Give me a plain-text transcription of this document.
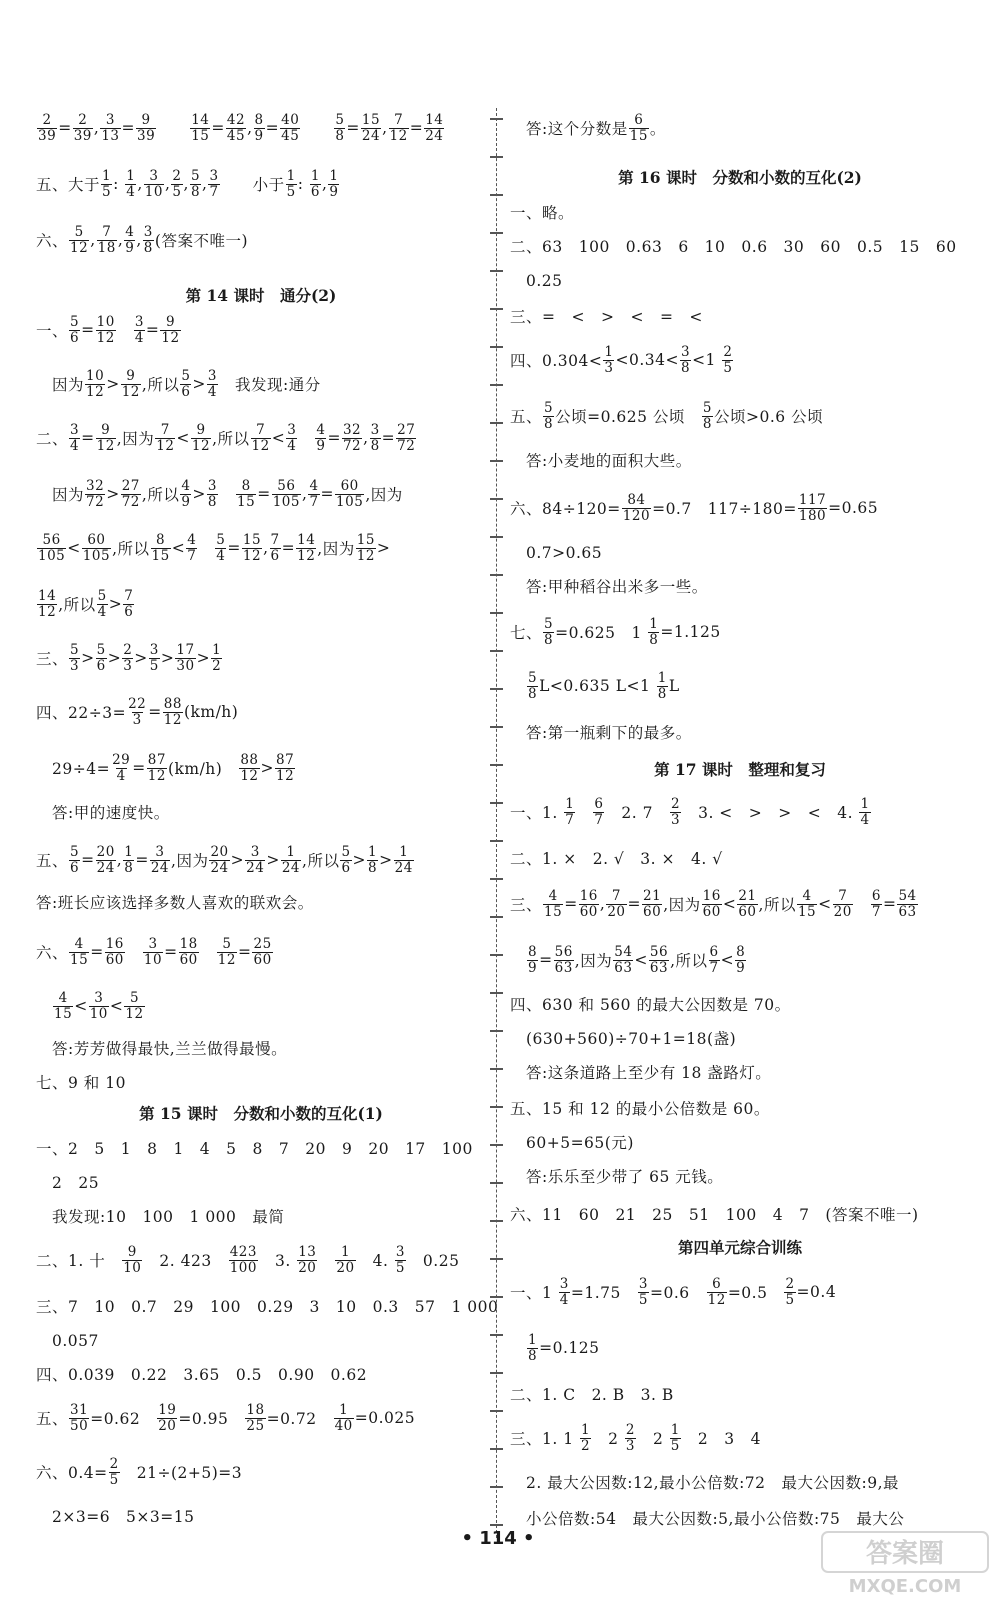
$\frac{2}{39} = \frac{2}{39}$ , $\frac{3}{13} = \frac{9}{39}$
　　	$\frac{14}{15} = \frac{42}{45}$ , $\frac{8}{9} = \frac{40}{45}$
　　	$\frac{5}{8} = \frac{15}{24}$ , $\frac{7}{12} = \frac{14}{24}$
五、大于 $\frac{1}{5}$ : $\frac{1}{4}$ , $\frac{3}{10}$ , $\frac{2}{5}$ , $\frac{5}{8}$ , $\frac{3}{7}$ 　　小于 $\frac{1}{5}$ : $\frac{1}{6}$ , $\frac{1}{9}$
六、 $\frac{5}{12}$ , $\frac{7}{18}$ , $\frac{4}{9}$ , $\frac{3}{8}$ (答案不唯一)
第 14 课时　通分(2)
一、 $\frac{5}{6} = \frac{10}{12}$
　 $\frac{3}{4} = \frac{9}{12}$
　因为 $\frac{10}{12} > \frac{9}{12}$ ,所以 $\frac{5}{6} > \frac{3}{4}$ 　我发现:通分
二、 $\frac{3}{4} = \frac{9}{12}$ ,因为 $\frac{7}{12} < \frac{9}{12}$ ,所以 $\frac{7}{12} < \frac{3}{4}$
　 $\frac{4}{9} = \frac{32}{72}$ , $\frac{3}{8} = \frac{27}{72}$
　因为 $\frac{32}{72} > \frac{27}{72}$ ,所以 $\frac{4}{9} > \frac{3}{8}$
　 $\frac{8}{15} = \frac{56}{105}$ , $\frac{4}{7} = \frac{60}{105}$ ,因为
$\frac{56}{105} < \frac{60}{105}$ ,所以 $\frac{8}{15} < \frac{4}{7}$
　 $\frac{5}{4} = \frac{15}{12}$ , $\frac{7}{6} = \frac{14}{12}$ ,因为 $\frac{15}{12}$ >
$\frac{14}{12}$ ,所以 $\frac{5}{4} > \frac{7}{6}$
三、 $\frac{5}{3} > \frac{5}{6} > \frac{2}{3} > \frac{3}{5} > \frac{17}{30} > \frac{1}{2}$
四、$22\div 3= \frac{22}{3} = \frac{88}{12} (km/h)$
　$29\div 4= \frac{29}{4} = \frac{87}{12} (km/h)$　 $\frac{88}{12} > \frac{87}{12}$
　答:甲的速度快。
五、 $\frac{5}{6} = \frac{20}{24}$ , $\frac{1}{8} = \frac{3}{24}$ ,因为 $\frac{20}{24} > \frac{3}{24} > \frac{1}{24}$ ,所以 $\frac{5}{6} > \frac{1}{8} > \frac{1}{24}$
答:班长应该选择多数人喜欢的联欢会。
六、 $\frac{4}{15} = \frac{16}{60}$
　 $\frac{3}{10} = \frac{18}{60}$
　 $\frac{5}{12} = \frac{25}{60}$

$\frac{4}{15} < \frac{3}{10} < \frac{5}{12}$
　答:芳芳做得最快,兰兰做得最慢。
七、9 和 10
第 15 课时　分数和小数的互化(1)
一、2　5　1　8　1　4　5　8　7　20　9　20　17　100
　2　25
　我发现:10　100　1 000　最简
二、1. 十　 $\frac{9}{10}$ 　2. 423　 $\frac{423}{100}$ 　3. $\frac{13}{20}$
　 $\frac{1}{20}$ 　4. $\frac{3}{5}$ 　0.25
三、7　10　0.7　29　100　0.29　3　10　0.3　57　1 000
　0.057
四、0.039　0.22　3.65　0.5　0.90　0.62
五、 $\frac{31}{50} =0.62$　 $\frac{19}{20} =0.95$　 $\frac{18}{25} =0.72$　 $\frac{1}{40} =0.025$
六、$0.4= \frac{2}{5}$ 　21÷(2+5)=3
　2×3=6　5×3=15
　答:这个分数是 $\frac{6}{15}$ 。
第 16 课时　分数和小数的互化(2)
一、略。
二、63　100　0.63　6　10　0.6　30　60　0.5　15　60
　0.25
三、=　<　>　<　=　<
四、$0.304< \frac{1}{3} <0.34< \frac{3}{8} <1 \frac{2}{5}$
五、 $\frac{5}{8}$ 公顷=0.625 公顷　 $\frac{5}{8}$ 公顷>0.6 公顷
　答:小麦地的面积大些。
六、$84\div 120= \frac{84}{120} =0.7$　$117\div 180= \frac{117}{180} =0.65$
　0.7>0.65
　答:甲种稻谷出米多一些。
七、 $\frac{5}{8} =0.625$　$1 \frac{1}{8} =1.125$

$\frac{5}{8} L<0.635$ $L<1 \frac{1}{8}$ L
　答:第一瓶剩下的最多。
第 17 课时　整理和复习
一、1. $\frac{1}{7}$
　 $\frac{6}{7}$ 　2. 7　 $\frac{2}{3}$ 　3. <　>　>　<　4. $\frac{1}{4}$
二、1. ×　2. √　3. ×　4. √
三、 $\frac{4}{15} = \frac{16}{60}$ , $\frac{7}{20} = \frac{21}{60}$ ,因为 $\frac{16}{60} < \frac{21}{60}$ ,所以 $\frac{4}{15} < \frac{7}{20}$
　 $\frac{6}{7} = \frac{54}{63}$

$\frac{8}{9} = \frac{56}{63}$ ,因为 $\frac{54}{63} < \frac{56}{63}$ ,所以 $\frac{6}{7} < \frac{8}{9}$
四、630 和 560 的最大公因数是 70。
　(630+560)÷70+1=18(盏)
　答:这条道路上至少有 18 盏路灯。
五、15 和 12 的最小公倍数是 60。
　60+5=65(元)
　答:乐乐至少带了 65 元钱。
六、11　60　21　25　51　100　4　7　(答案不唯一)
第四单元综合训练
一、$1 \frac{3}{4} =1.75$　 $\frac{3}{5} =0.6$　 $\frac{6}{12} =0.5$　 $\frac{2}{5} =0.4$

$\frac{1}{8} =0.125$
二、1. C　2. B　3. B
三、1. $1 \frac{1}{2}$ 　$2 \frac{2}{3}$ 　$2 \frac{1}{5}$ 　2　3　4
　2. 最大公因数:12,最小公倍数:72　最大公因数:9,最
　小公倍数:54　最大公因数:5,最小公倍数:75　最大公
• 114 •
答案圈
MXQE.COM
